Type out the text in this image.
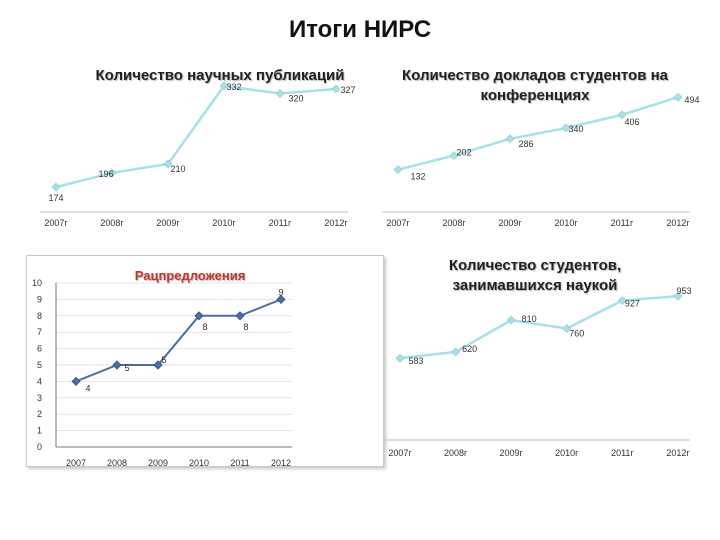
Итоги НИРС
174
196	210
332
320
327
2007г	2008г	2009г	2010г	2011г	2012г
132
202
286
340
406
494
2007г	2008г	2009г	2010г	2011г	2012г
0
1
2
3
4
5
6
7
8
9
10
4
5
5
8	8
9
2007 2008 2009 2010 2011 2012
583
620
810
760
927
953
2007г	2008г	2009г	2010г	2011г	2012г
Количество научных публикаций	Количество докладов студентов на конференциях
Рацпредложения
Количество студентов, занимавшихся наукой
